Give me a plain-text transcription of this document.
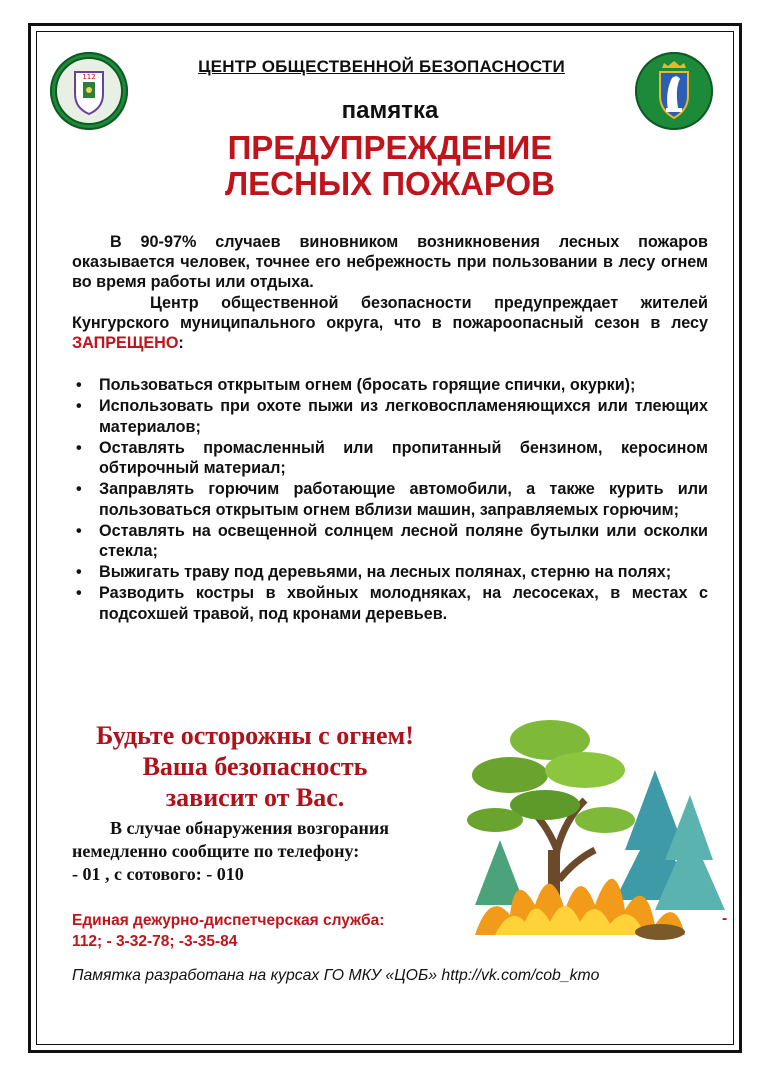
112
ЦЕНТР ОБЩЕСТВЕННОЙ БЕЗОПАСНОСТИ
памятка
ПРЕДУПРЕЖДЕНИЕ
ЛЕСНЫХ ПОЖАРОВ
В 90-97% случаев виновником возникновения лесных пожаров оказывается человек, точнее его небрежность при пользовании в лесу огнем во время работы или отдыха.
Центр общественной безопасности предупреждает жителей Кунгурского муниципального округа, что в пожароопасный сезон в лесу ЗАПРЕЩЕНО:
• Пользоваться открытым огнем (бросать горящие спички, окурки);
• Использовать при охоте пыжи из легковоспламеняющихся или тлеющих материалов;
• Оставлять промасленный или пропитанный бензином, керосином обтирочный материал;
• Заправлять горючим работающие автомобили, а также курить или пользоваться открытым огнем вблизи машин, заправляемых горючим;
• Оставлять на освещенной солнцем лесной поляне бутылки или осколки стекла;
• Выжигать траву под деревьями, на лесных полянах, стерню на полях;
• Разводить костры в хвойных молодняках, на лесосеках, в местах с подсохшей травой, под кронами деревьев.
Будьте осторожны с огнем!
Ваша безопасность
зависит от Вас.
В случае обнаружения возгорания
немедленно сообщите по телефону:
- 01 , с сотового: - 010
Единая дежурно-диспетчерская служба:
112; - 3-32-78; -3-35-84
-
Памятка разработана на курсах ГО МКУ «ЦОБ» http://vk.com/cob_kmo
